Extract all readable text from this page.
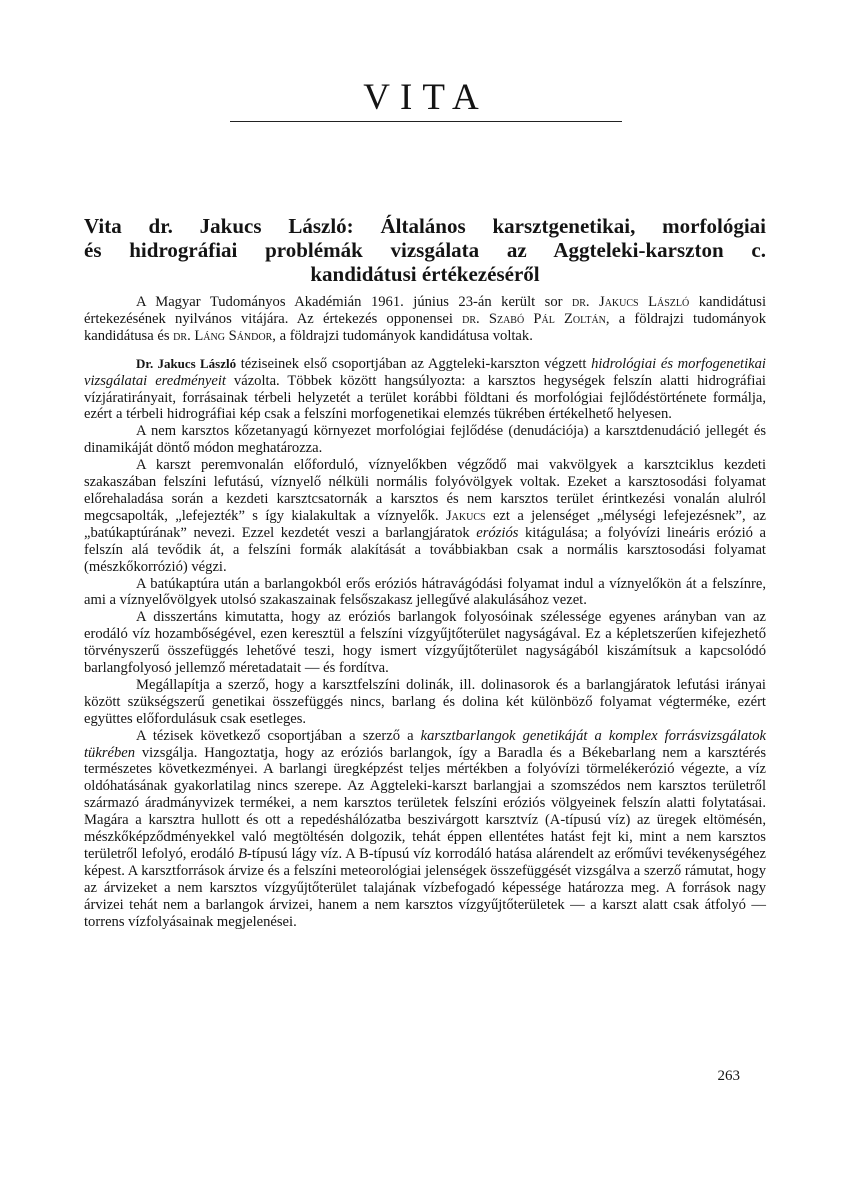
VITA
Vita dr. Jakucs László: Általános karsztgenetikai, morfológiai
és hidrográfiai problémák vizsgálata az Aggteleki-karszton c.
kandidátusi értékezéséről

A Magyar Tudományos Akadémián 1961. június 23-án került sor dr. Jakucs László kandidátusi értekezésének nyilvános vitájára. Az értekezés opponensei dr. Szabó Pál Zoltán, a földrajzi tudományok kandidátusa és dr. Láng Sándor, a földrajzi tudományok kandidátusa voltak.

Dr. Jakucs László téziseinek első csoportjában az Aggteleki-karszton végzett hidrológiai és morfogenetikai vizsgálatai eredményeit vázolta. Többek között hangsúlyozta: a karsztos hegységek felszín alatti hidrográfiai vízjáratirányait, forrásainak térbeli helyzetét a terület korábbi földtani és morfológiai fejlődéstörténete formálja, ezért a térbeli hidrográfiai kép csak a felszíni morfogenetikai elemzés tükrében értékelhető helyesen.

A nem karsztos kőzetanyagú környezet morfológiai fejlődése (denudációja) a karsztdenudáció jellegét és dinamikáját döntő módon meghatározza.

A karszt peremvonalán előforduló, víznyelőkben végződő mai vakvölgyek a karsztciklus kezdeti szakaszában felszíni lefutású, víznyelő nélküli normális folyóvölgyek voltak. Ezeket a karsztosodási folyamat előrehaladása során a kezdeti karsztcsatornák a karsztos és nem karsztos terület érintkezési vonalán alulról megcsapolták, „lefejezték” s így kialakultak a víznyelők. Jakucs ezt a jelenséget „mélységi lefejezésnek”, az „batúkaptúrának” nevezi. Ezzel kezdetét veszi a barlangjáratok eróziós kitágulása; a folyóvízi lineáris erózió a felszín alá tevődik át, a felszíni formák alakítását a továbbiakban csak a normális karsztosodási folyamat (mészkőkorrózió) végzi.

A batúkaptúra után a barlangokból erős eróziós hátravágódási folyamat indul a víznyelőkön át a felszínre, ami a víznyelővölgyek utolsó szakaszainak felsőszakasz jellegűvé alakulásához vezet.

A disszertáns kimutatta, hogy az eróziós barlangok folyosóinak szélessége egyenes arányban van az erodáló víz hozambőségével, ezen keresztül a felszíni vízgyűjtőterület nagyságával. Ez a képletszerűen kifejezhető törvényszerű összefüggés lehetővé teszi, hogy ismert vízgyűjtőterület nagyságából kiszámítsuk a kapcsolódó barlangfolyosó jellemző méretadatait — és fordítva.

Megállapítja a szerző, hogy a karsztfelszíni dolinák, ill. dolinasorok és a barlangjáratok lefutási irányai között szükségszerű genetikai összefüggés nincs, barlang és dolina két különböző folyamat végterméke, ezért együttes előfordulásuk csak esetleges.

A tézisek következő csoportjában a szerző a karsztbarlangok genetikáját a komplex forrásvizsgálatok tükrében vizsgálja. Hangoztatja, hogy az eróziós barlangok, így a Baradla és a Békebarlang nem a karsztérés természetes következményei. A barlangi üregképzést teljes mértékben a folyóvízi törmelékerózió végezte, a víz oldóhatásának gyakorlatilag nincs szerepe. Az Aggteleki-karszt barlangjai a szomszédos nem karsztos területről származó áradmányvizek termékei, a nem karsztos területek felszíni eróziós völgyeinek felszín alatti folytatásai. Magára a karsztra hullott és ott a repedéshálózatba beszivárgott karsztvíz (A-típusú víz) az üregek eltömésén, mészkőképződményekkel való megtöltésén dolgozik, tehát éppen ellentétes hatást fejt ki, mint a nem karsztos területről lefolyó, erodáló B-típusú lágy víz. A B-típusú víz korrodáló hatása alárendelt az erőművi tevékenységéhez képest. A karsztforrások árvize és a felszíni meteorológiai jelenségek összefüggését vizsgálva a szerző rámutat, hogy az árvizeket a nem karsztos vízgyűjtőterület talajának vízbefogadó képessége határozza meg. A források nagy árvizei tehát nem a barlangok árvizei, hanem a nem karsztos vízgyűjtőterületek — a karszt alatt csak átfolyó — torrens vízfolyásainak megjelenései.

263
